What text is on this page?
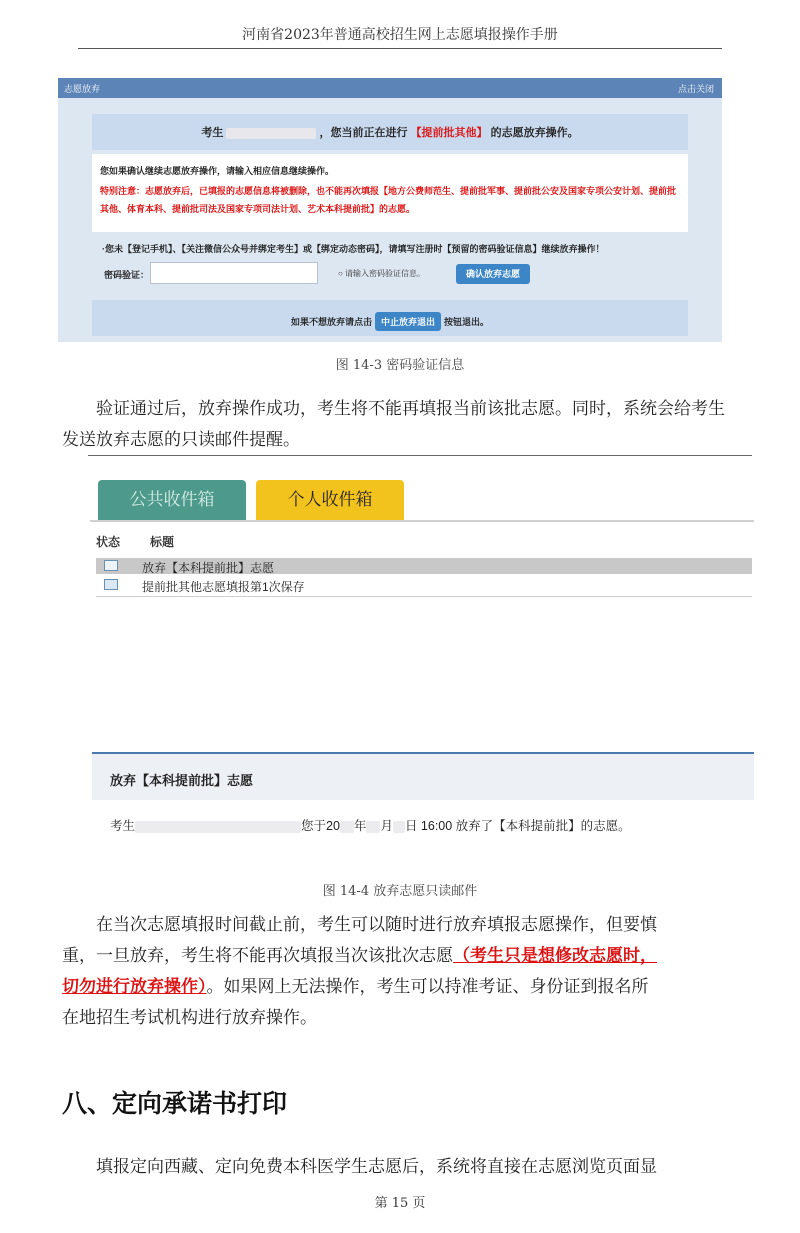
河南省2023年普通高校招生网上志愿填报操作手册
志愿放弃	点击关闭
考生	，您当前正在进行 【提前批其他】 的志愿放弃操作。
您如果确认继续志愿放弃操作，请输入相应信息继续操作。
特别注意：志愿放弃后，已填报的志愿信息将被删除，也不能再次填报【地方公费师范生、提前批军事、提前批公安及国家专项公安计划、提前批其他、体育本科、提前批司法及国家专项司法计划、艺术本科提前批】的志愿。
·您未【登记手机】、【关注微信公众号并绑定考生】或【绑定动态密码】，请填写注册时【预留的密码验证信息】继续放弃操作！
密码验证：	○ 请输入密码验证信息。	确认放弃志愿
如果不想放弃请点击 中止放弃退出 按钮退出。
图 14-3 密码验证信息
验证通过后，放弃操作成功，考生将不能再填报当前该批志愿。同时，系统会给考生发送放弃志愿的只读邮件提醒。
公共收件箱	个人收件箱
状态 标题
放弃【本科提前批】志愿
提前批其他志愿填报第1次保存
放弃【本科提前批】志愿
考生	您于20 年 月 日 16:00 放弃了【本科提前批】的志愿。
图 14-4 放弃志愿只读邮件
在当次志愿填报时间截止前，考生可以随时进行放弃填报志愿操作，但要慎
重，一旦放弃，考生将不能再次填报当次该批次志愿（考生只是想修改志愿时，
切勿进行放弃操作）。如果网上无法操作，考生可以持准考证、身份证到报名所
在地招生考试机构进行放弃操作。
八、定向承诺书打印
填报定向西藏、定向免费本科医学生志愿后，系统将直接在志愿浏览页面显
第 15 页
